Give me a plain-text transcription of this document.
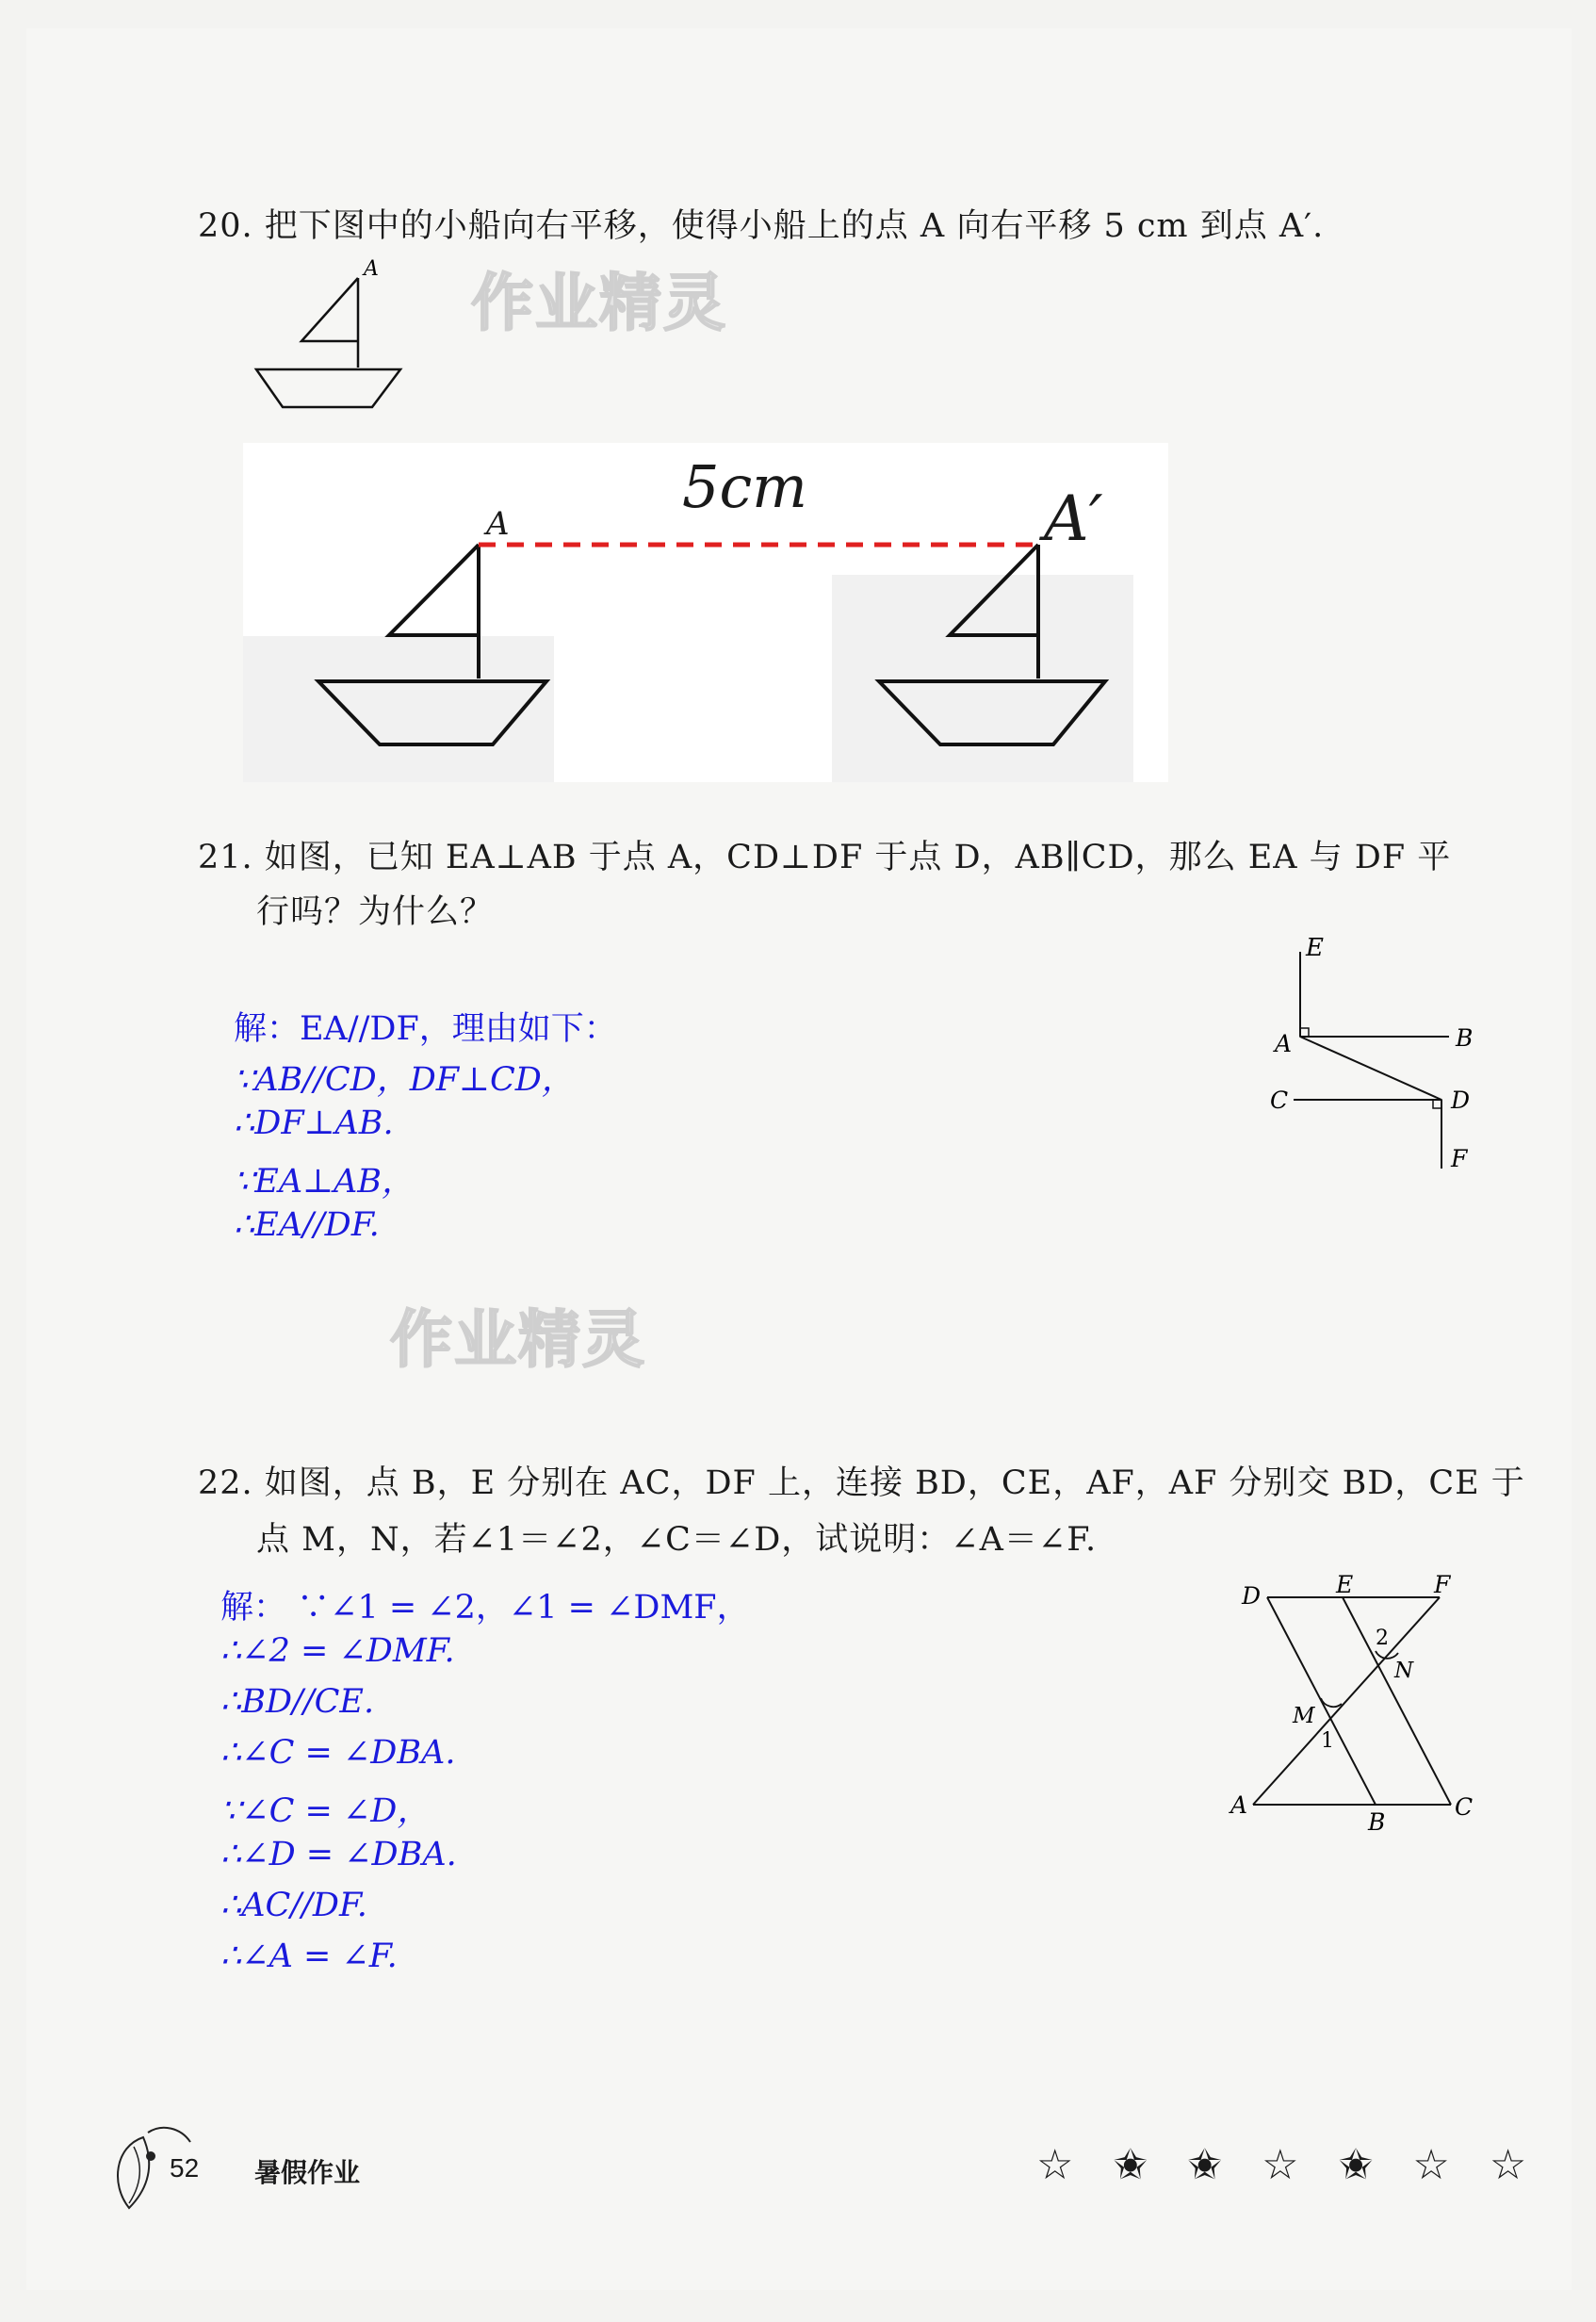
20. 把下图中的小船向右平移，使得小船上的点 A 向右平移 5 cm 到点 A′.
作业精灵
A
5cm
A	A′
21. 如图，已知 EA⊥AB 于点 A，CD⊥DF 于点 D，AB∥CD，那么 EA 与 DF 平
行吗？为什么？
解：EA//DF，理由如下：
∵AB//CD，DF⊥CD，
∴DF⊥AB.
∵EA⊥AB，
∴EA//DF.
作业精灵
E
A	B
C	D
F
22. 如图，点 B，E 分别在 AC，DF 上，连接 BD，CE，AF，AF 分别交 BD，CE 于
点 M，N，若∠1＝∠2，∠C＝∠D，试说明：∠A＝∠F.
解： ∵∠1 = ∠2，∠1 = ∠DMF，
∴∠2 = ∠DMF.
∴BD//CE.
∴∠C = ∠DBA.
∵∠C = ∠D，
∴∠D = ∠DBA.
∴AC//DF.
∴∠A = ∠F.
D	E	F
N
M
1
2
A
B
C
52 暑假作业	☆ ✬ ✬ ☆ ✬ ☆ ☆
